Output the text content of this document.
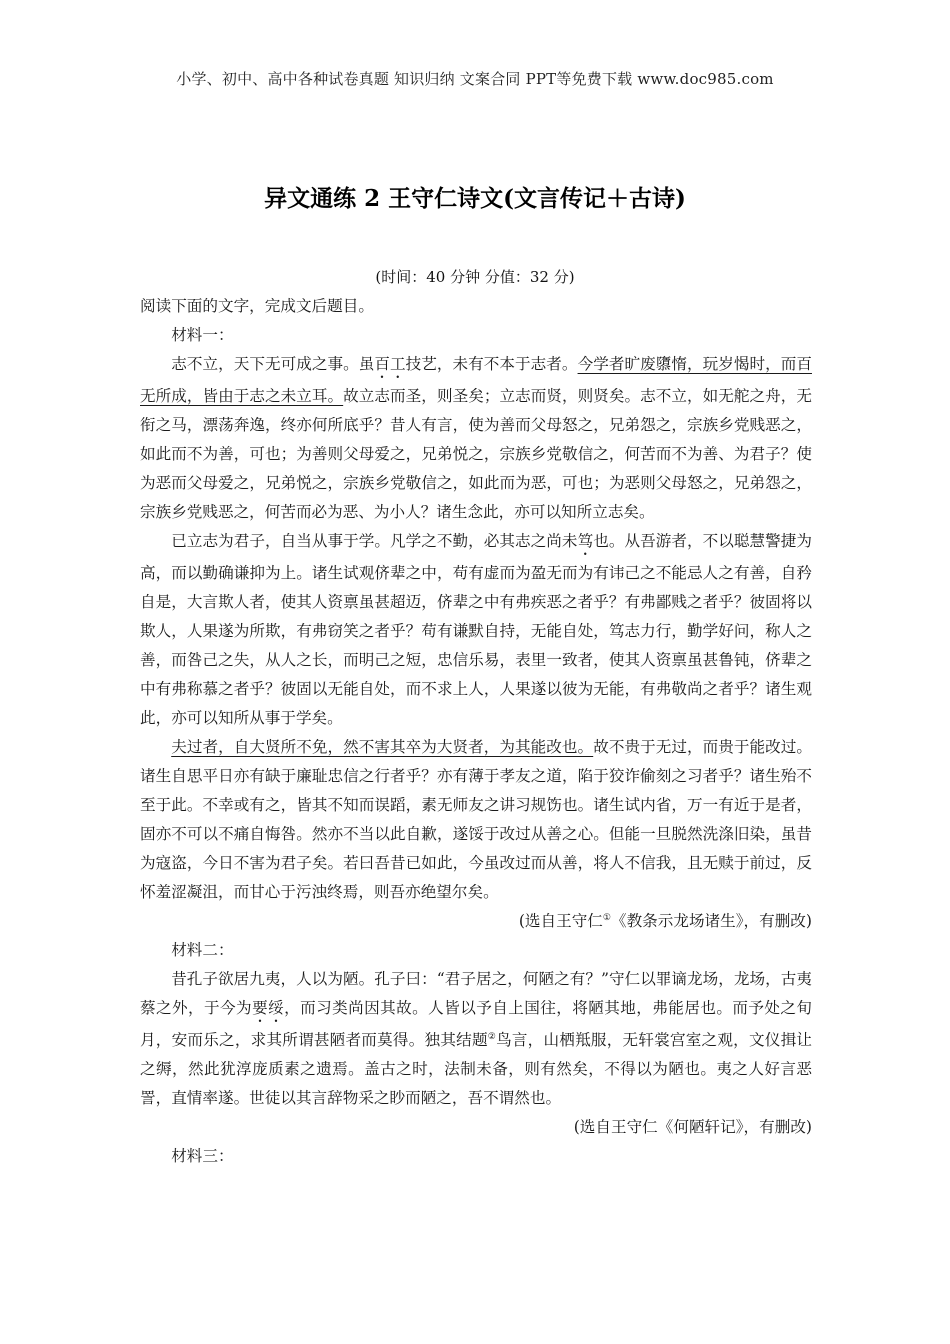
小学、初中、高中各种试卷真题 知识归纳 文案合同 PPT等免费下载 www.doc985.com
异文通练 2 王守仁诗文(文言传记＋古诗)
(时间：40 分钟 分值：32 分)

阅读下面的文字，完成文后题目。

材料一：

志不立，天下无可成之事。虽百工技艺，未有不本于志者。今学者旷废隳惰，玩岁愒时，而百无所成，皆由于志之未立耳。故立志而圣，则圣矣；立志而贤，则贤矣。志不立，如无舵之舟，无衔之马，漂荡奔逸，终亦何所底乎？昔人有言，使为善而父母怒之，兄弟怨之，宗族乡党贱恶之，如此而不为善，可也；为善则父母爱之，兄弟悦之，宗族乡党敬信之，何苦而不为善、为君子？使为恶而父母爱之，兄弟悦之，宗族乡党敬信之，如此而为恶，可也；为恶则父母怒之，兄弟怨之，宗族乡党贱恶之，何苦而必为恶、为小人？诸生念此，亦可以知所立志矣。

已立志为君子，自当从事于学。凡学之不勤，必其志之尚未笃也。从吾游者，不以聪慧警捷为高，而以勤确谦抑为上。诸生试观侪辈之中，苟有虚而为盈无而为有讳己之不能忌人之有善，自矜自是，大言欺人者，使其人资禀虽甚超迈，侪辈之中有弗疾恶之者乎？有弗鄙贱之者乎？彼固将以欺人，人果遂为所欺，有弗窃笑之者乎？苟有谦默自持，无能自处，笃志力行，勤学好问，称人之善，而咎己之失，从人之长，而明己之短，忠信乐易，表里一致者，使其人资禀虽甚鲁钝，侪辈之中有弗称慕之者乎？彼固以无能自处，而不求上人，人果遂以彼为无能，有弗敬尚之者乎？诸生观此，亦可以知所从事于学矣。

夫过者，自大贤所不免，然不害其卒为大贤者，为其能改也。故不贵于无过，而贵于能改过。诸生自思平日亦有缺于廉耻忠信之行者乎？亦有薄于孝友之道，陷于狡诈偷刻之习者乎？诸生殆不至于此。不幸或有之，皆其不知而误蹈，素无师友之讲习规饬也。诸生试内省，万一有近于是者，固亦不可以不痛自悔咎。然亦不当以此自歉，遂馁于改过从善之心。但能一旦脱然洗涤旧染，虽昔为寇盗，今日不害为君子矣。若曰吾昔已如此，今虽改过而从善，将人不信我，且无赎于前过，反怀羞涩凝沮，而甘心于污浊终焉，则吾亦绝望尔矣。

(选自王守仁①《教条示龙场诸生》，有删改)

材料二：

昔孔子欲居九夷，人以为陋。孔子曰：“君子居之，何陋之有？”守仁以罪谪龙场，龙场，古夷蔡之外，于今为要绥，而习类尚因其故。人皆以予自上国往，将陋其地，弗能居也。而予处之旬月，安而乐之，求其所谓甚陋者而莫得。独其结题②鸟言，山栖羝服，无轩裳宫室之观，文仪揖让之缛，然此犹淳庞质素之遗焉。盖古之时，法制未备，则有然矣，不得以为陋也。夷之人好言恶詈，直情率遂。世徒以其言辞物采之眇而陋之，吾不谓然也。

(选自王守仁《何陋轩记》，有删改)

材料三：
